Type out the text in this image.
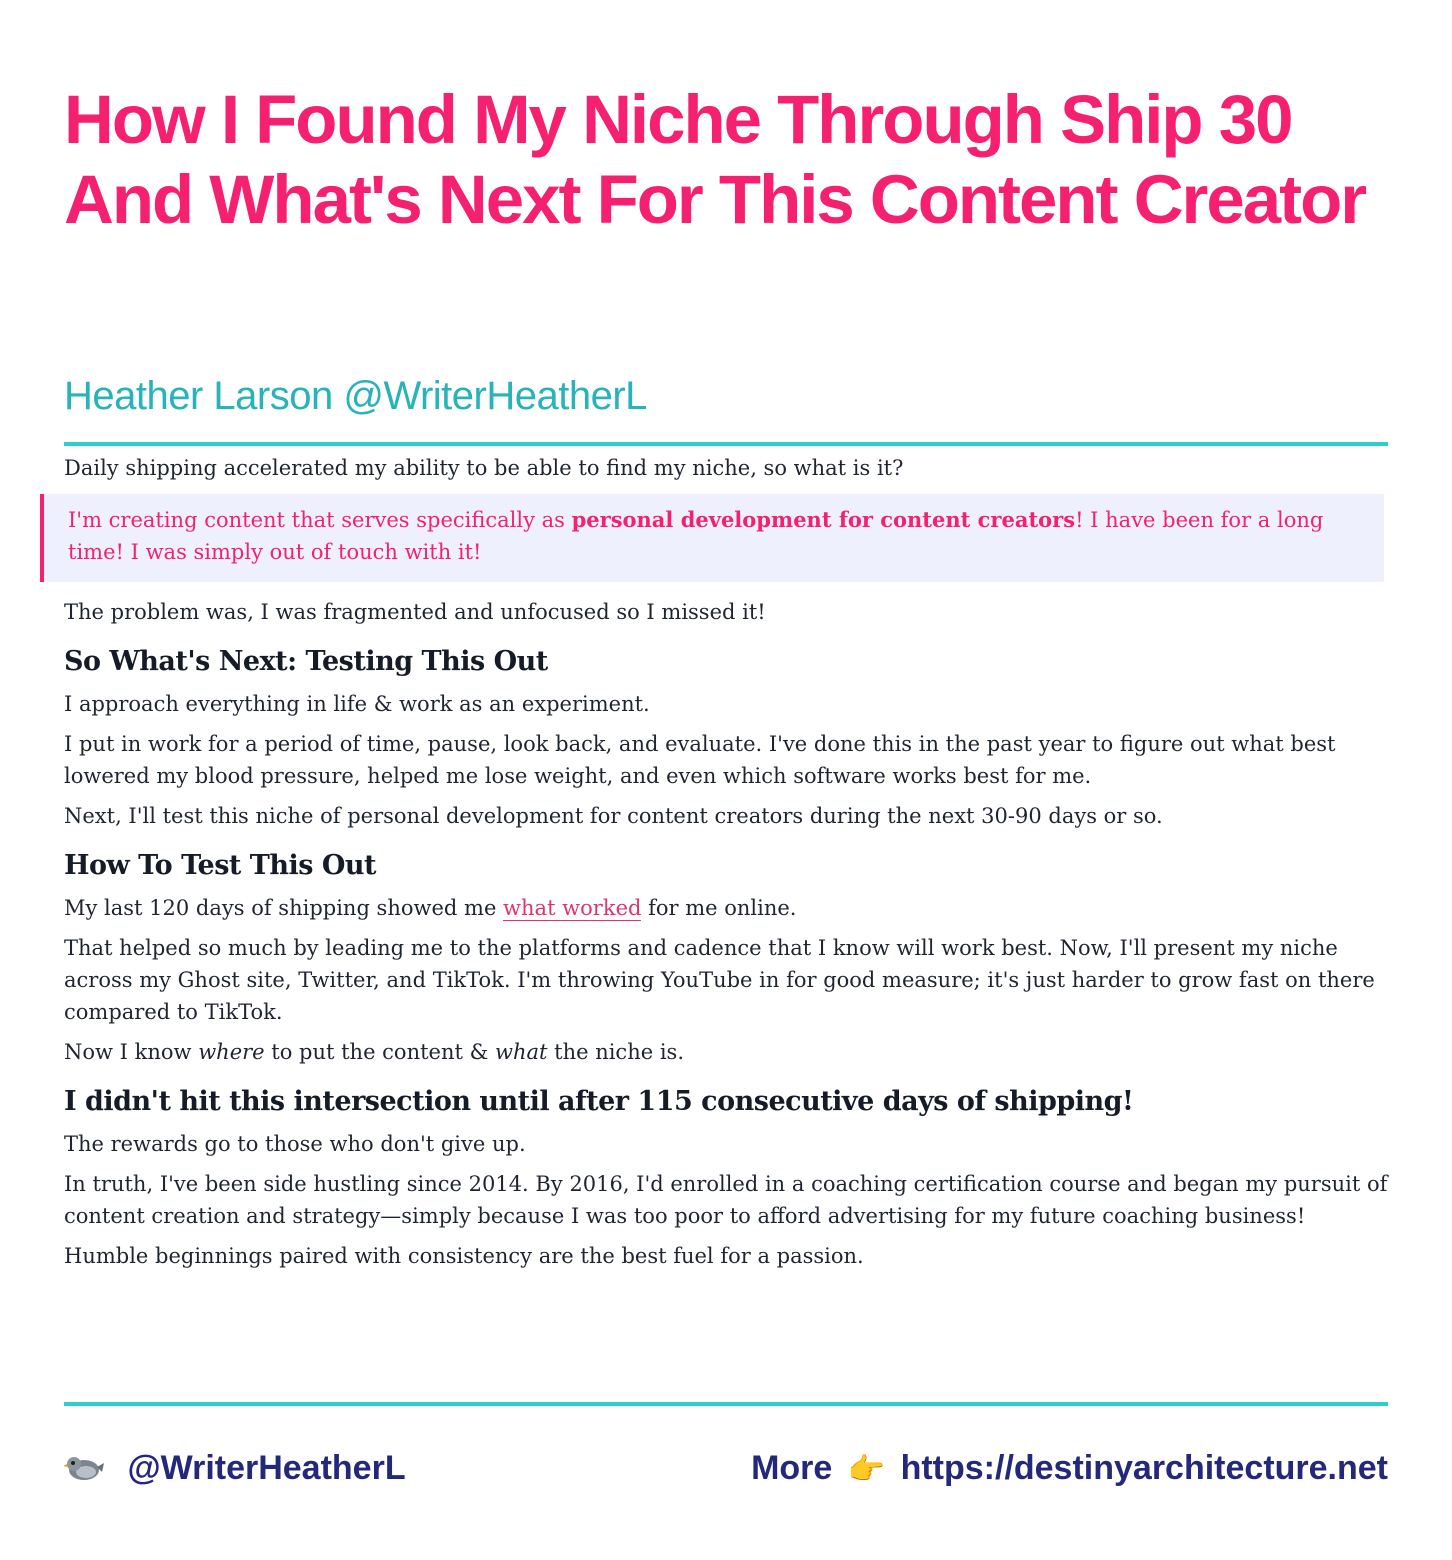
How I Found My Niche Through Ship 30 And What's Next For This Content Creator
Heather Larson @WriterHeatherL

Daily shipping accelerated my ability to be able to find my niche, so what is it?

I'm creating content that serves specifically as personal development for content creators! I have been for a long time! I was simply out of touch with it!

The problem was, I was fragmented and unfocused so I missed it!

So What's Next: Testing This Out

I approach everything in life & work as an experiment.

I put in work for a period of time, pause, look back, and evaluate. I've done this in the past year to figure out what best lowered my blood pressure, helped me lose weight, and even which software works best for me.

Next, I'll test this niche of personal development for content creators during the next 30-90 days or so.

How To Test This Out

My last 120 days of shipping showed me what worked for me online.

That helped so much by leading me to the platforms and cadence that I know will work best. Now, I'll present my niche across my Ghost site, Twitter, and TikTok. I'm throwing YouTube in for good measure; it's just harder to grow fast on there compared to TikTok.

Now I know where to put the content & what the niche is.

I didn't hit this intersection until after 115 consecutive days of shipping!

The rewards go to those who don't give up.

In truth, I've been side hustling since 2014. By 2016, I'd enrolled in a coaching certification course and began my pursuit of content creation and strategy—simply because I was too poor to afford advertising for my future coaching business!

Humble beginnings paired with consistency are the best fuel for a passion.

@WriterHeatherL	More 👉 https://destinyarchitecture.net
